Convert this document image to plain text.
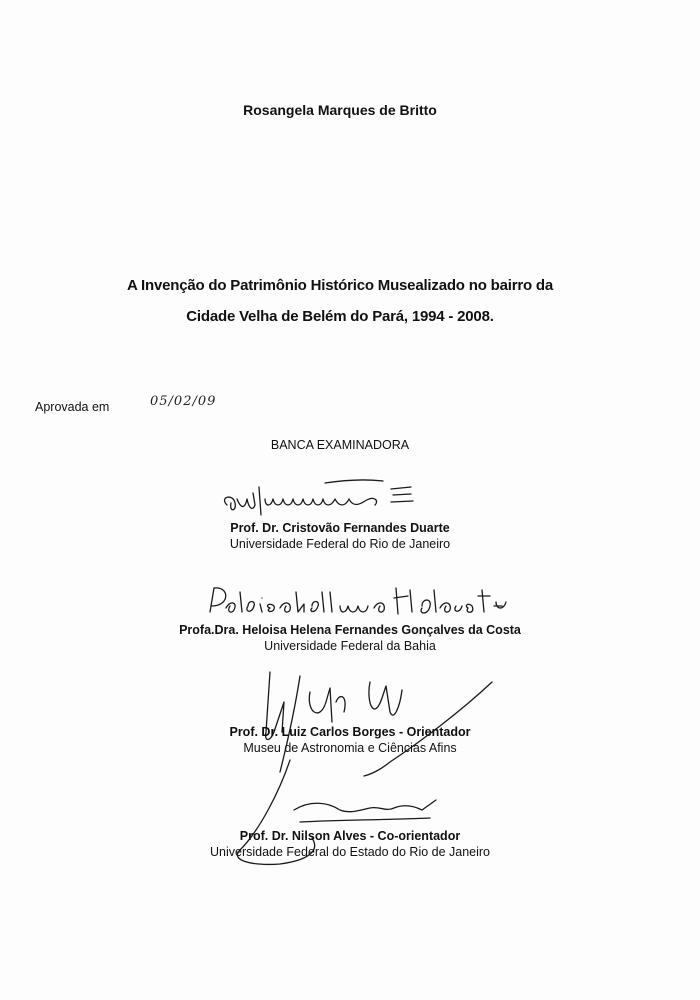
Rosangela Marques de Britto
A Invenção do Patrimônio Histórico Musealizado no bairro da
Cidade Velha de Belém do Pará, 1994 - 2008.
Aprovada em	05/02/09
BANCA EXAMINADORA
Prof. Dr. Cristovão Fernandes Duarte
Universidade Federal do Rio de Janeiro
Profa.Dra. Heloisa Helena Fernandes Gonçalves da Costa
Universidade Federal da Bahia
Prof. Dr. Luiz Carlos Borges - Orientador
Museu de Astronomia e Ciências Afins
Prof. Dr. Nilson Alves - Co-orientador
Universidade Federal do Estado do Rio de Janeiro
